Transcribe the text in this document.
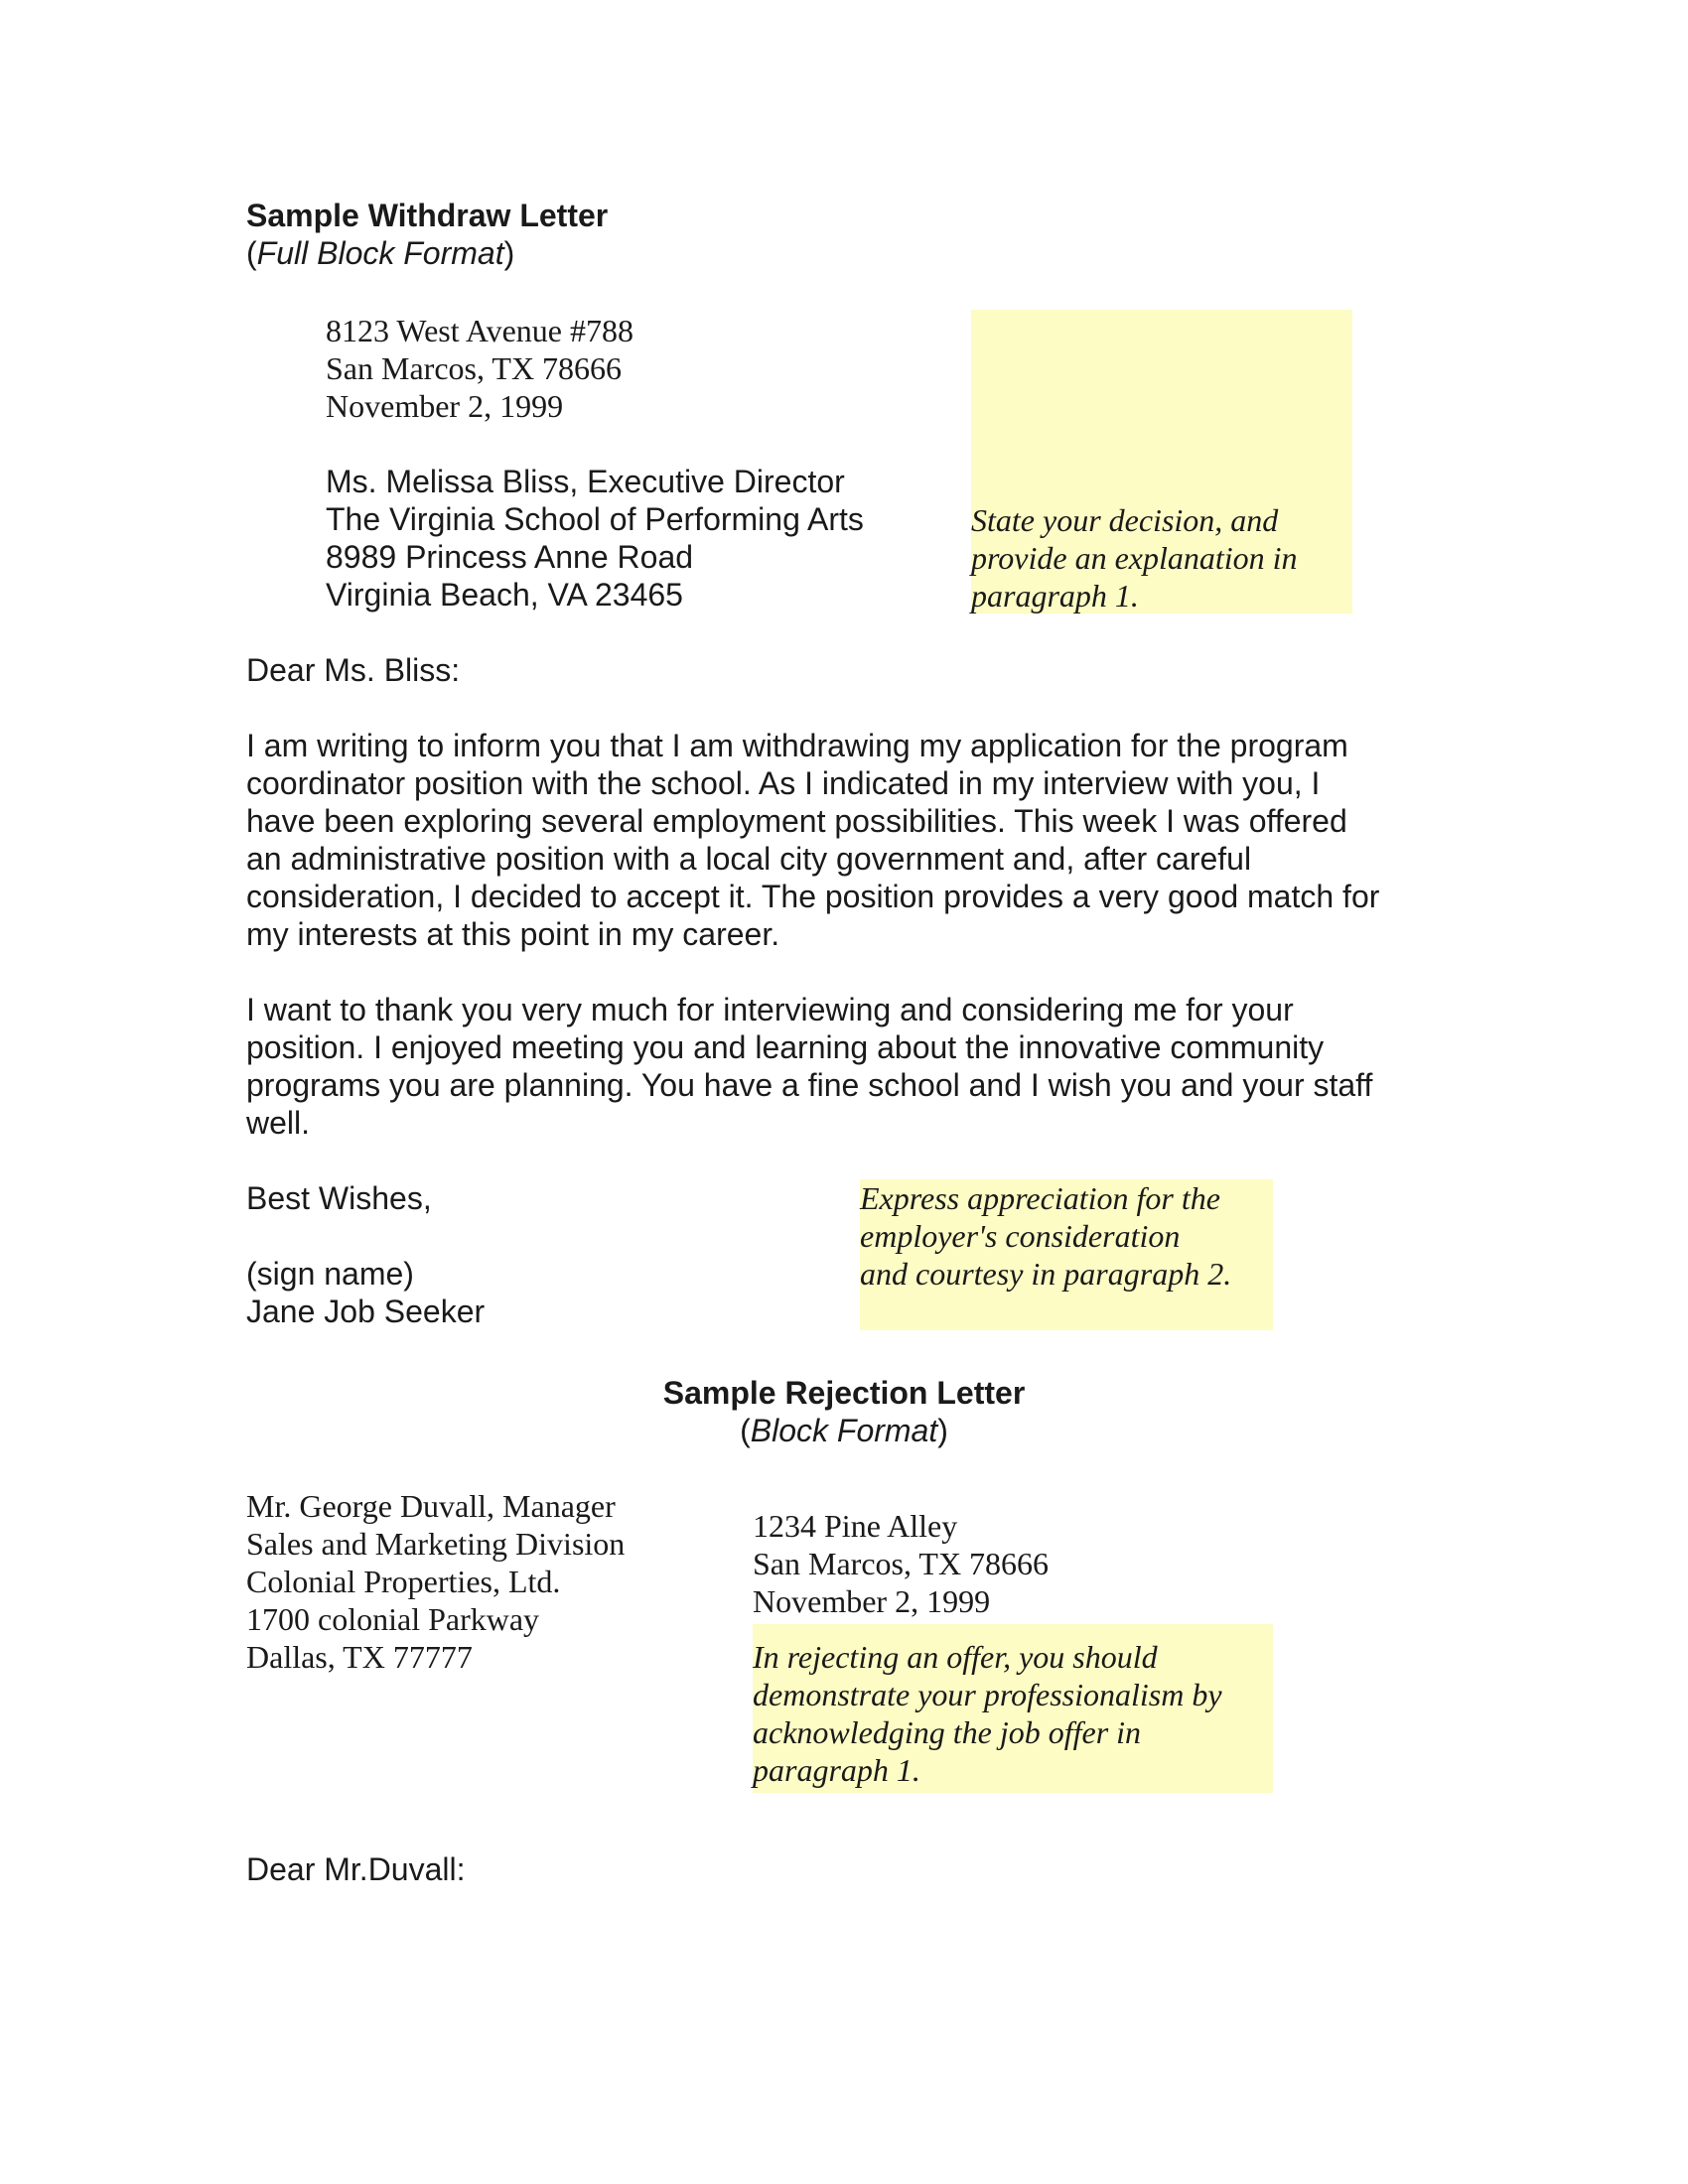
Sample Withdraw Letter
(Full Block Format)
8123 West Avenue #788
San Marcos, TX 78666
November 2, 1999
State your decision, and
provide an explanation in
paragraph 1.
Ms. Melissa Bliss, Executive Director
The Virginia School of Performing Arts
8989 Princess Anne Road
Virginia Beach, VA 23465
Dear Ms. Bliss:
I am writing to inform you that I am withdrawing my application for the program
coordinator position with the school. As I indicated in my interview with you, I
have been exploring several employment possibilities. This week I was offered
an administrative position with a local city government and, after careful
consideration, I decided to accept it. The position provides a very good match for
my interests at this point in my career.
I want to thank you very much for interviewing and considering me for your
position. I enjoyed meeting you and learning about the innovative community
programs you are planning. You have a fine school and I wish you and your staff
well.
Best Wishes,	Express appreciation for the
employer's consideration
and courtesy in paragraph 2.
(sign name)
Jane Job Seeker
Sample Rejection Letter
(Block Format)
Mr. George Duvall, Manager
Sales and Marketing Division
Colonial Properties, Ltd.
1700 colonial Parkway
Dallas, TX 77777
1234 Pine Alley
San Marcos, TX 78666
November 2, 1999
In rejecting an offer, you should
demonstrate your professionalism by
acknowledging the job offer in
paragraph 1.
Dear Mr.Duvall:
